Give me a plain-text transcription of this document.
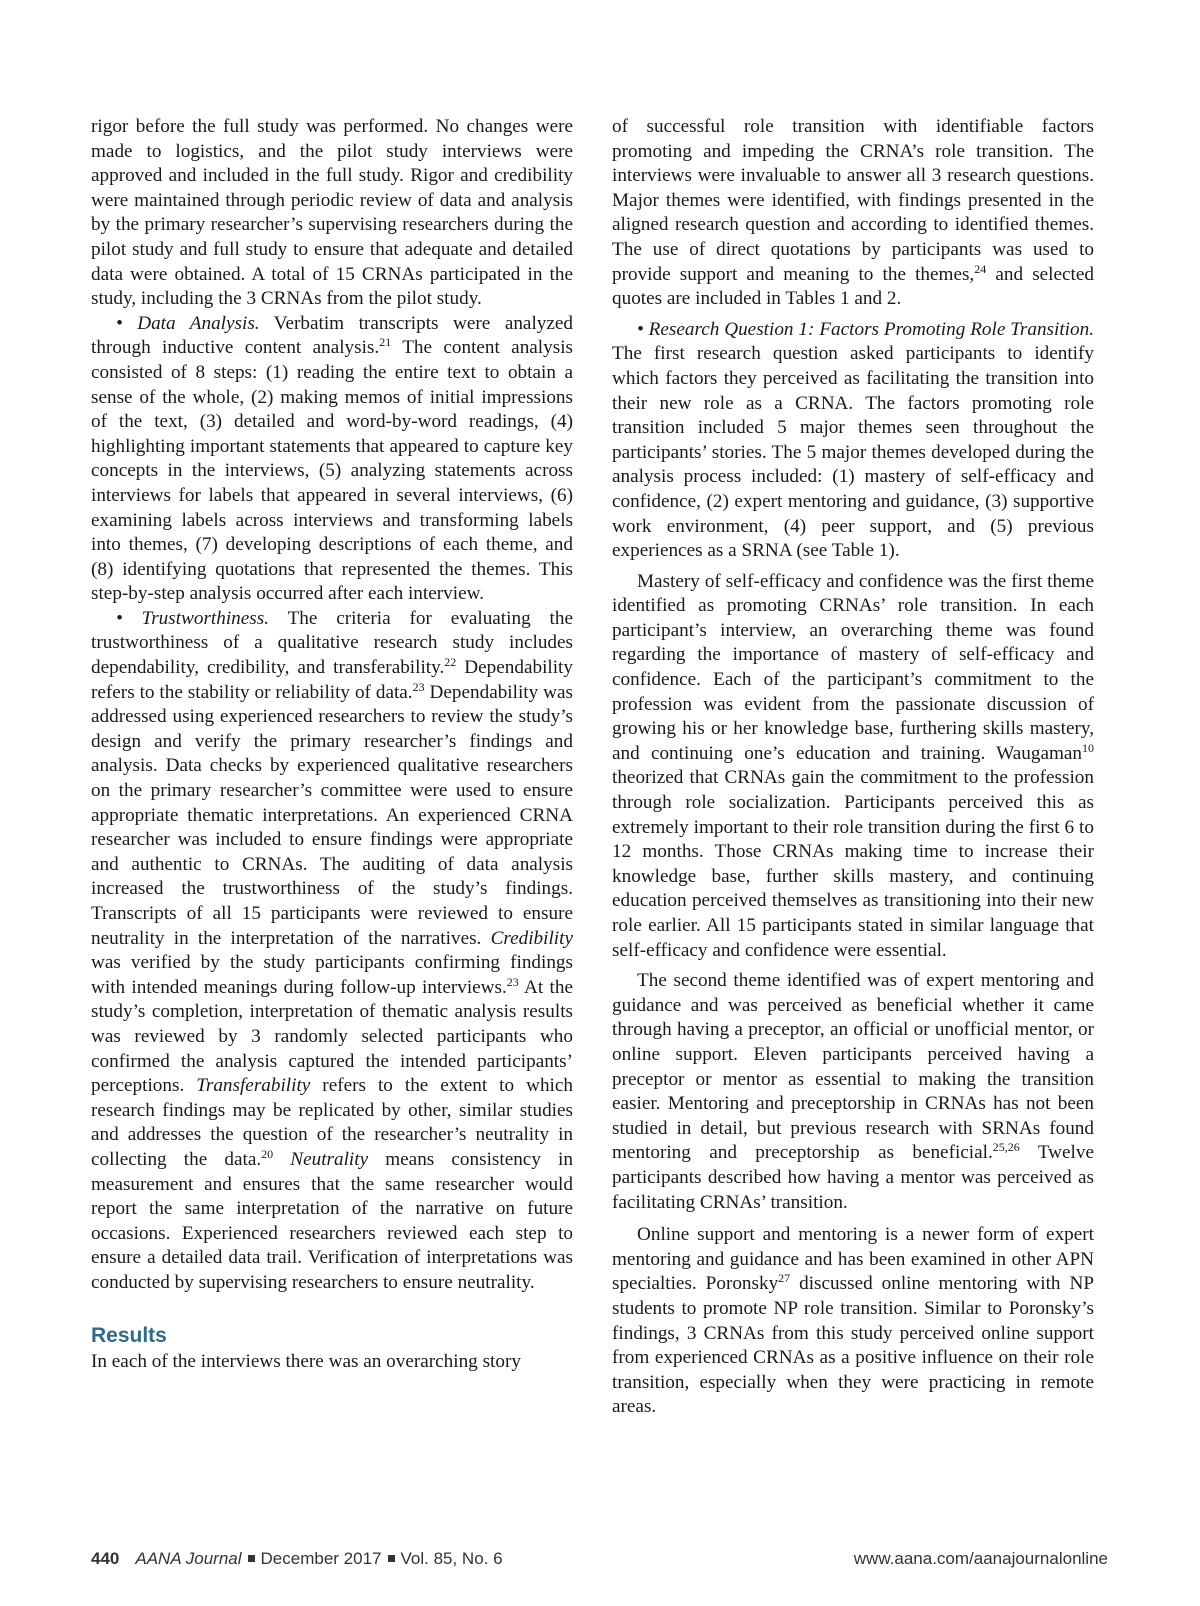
rigor before the full study was performed. No changes were made to logistics, and the pilot study interviews were approved and included in the full study. Rigor and credibility were maintained through periodic review of data and analysis by the primary researcher’s supervising researchers during the pilot study and full study to ensure that adequate and detailed data were obtained. A total of 15 CRNAs participated in the study, including the 3 CRNAs from the pilot study.

• Data Analysis. Verbatim transcripts were analyzed through inductive content analysis.$^{21}$ The content analysis consisted of 8 steps: (1) reading the entire text to obtain a sense of the whole, (2) making memos of initial impressions of the text, (3) detailed and word-by-word readings, (4) highlighting important statements that appeared to capture key concepts in the interviews, (5) analyzing statements across interviews for labels that appeared in several interviews, (6) examining labels across interviews and transforming labels into themes, (7) developing descriptions of each theme, and (8) identifying quotations that represented the themes. This step-by-step analysis occurred after each interview.

• Trustworthiness. The criteria for evaluating the trustworthiness of a qualitative research study includes dependability, credibility, and transferability.$^{22}$ Dependability refers to the stability or reliability of data.$^{23}$ Dependability was addressed using experienced researchers to review the study’s design and verify the primary researcher’s findings and analysis. Data checks by experienced qualitative researchers on the primary researcher’s committee were used to ensure appropriate thematic interpretations. An experienced CRNA researcher was included to ensure findings were appropriate and authentic to CRNAs. The auditing of data analysis increased the trustworthiness of the study’s findings. Transcripts of all 15 participants were reviewed to ensure neutrality in the interpretation of the narratives. Credibility was verified by the study participants confirming findings with intended meanings during follow-up interviews.$^{23}$ At the study’s completion, interpretation of thematic analysis results was reviewed by 3 randomly selected participants who confirmed the analysis captured the intended participants’ perceptions. Transferability refers to the extent to which research findings may be replicated by other, similar studies and addresses the question of the researcher’s neutrality in collecting the data.$^{20}$ Neutrality means consistency in measurement and ensures that the same researcher would report the same interpretation of the narrative on future occasions. Experienced researchers reviewed each step to ensure a detailed data trail. Verification of interpretations was conducted by supervising researchers to ensure neutrality.

Results

In each of the interviews there was an overarching story

of successful role transition with identifiable factors promoting and impeding the CRNA’s role transition. The interviews were invaluable to answer all 3 research questions. Major themes were identified, with findings presented in the aligned research question and according to identified themes. The use of direct quotations by participants was used to provide support and meaning to the themes,$^{24}$ and selected quotes are included in Tables 1 and 2.

• Research Question 1: Factors Promoting Role Transition. The first research question asked participants to identify which factors they perceived as facilitating the transition into their new role as a CRNA. The factors promoting role transition included 5 major themes seen throughout the participants’ stories. The 5 major themes developed during the analysis process included: (1) mastery of self-efficacy and confidence, (2) expert mentoring and guidance, (3) supportive work environment, (4) peer support, and (5) previous experiences as a SRNA (see Table 1).

Mastery of self-efficacy and confidence was the first theme identified as promoting CRNAs’ role transition. In each participant’s interview, an overarching theme was found regarding the importance of mastery of self-efficacy and confidence. Each of the participant’s commitment to the profession was evident from the passionate discussion of growing his or her knowledge base, furthering skills mastery, and continuing one’s education and training. Waugaman$^{10}$ theorized that CRNAs gain the commitment to the profession through role socialization. Participants perceived this as extremely important to their role transition during the first 6 to 12 months. Those CRNAs making time to increase their knowledge base, further skills mastery, and continuing education perceived themselves as transitioning into their new role earlier. All 15 participants stated in similar language that self-efficacy and confidence were essential.

The second theme identified was of expert mentoring and guidance and was perceived as beneficial whether it came through having a preceptor, an official or unofficial mentor, or online support. Eleven participants perceived having a preceptor or mentor as essential to making the transition easier. Mentoring and preceptorship in CRNAs has not been studied in detail, but previous research with SRNAs found mentoring and preceptorship as beneficial.$^{25,26}$ Twelve participants described how having a mentor was perceived as facilitating CRNAs’ transition.

Online support and mentoring is a newer form of expert mentoring and guidance and has been examined in other APN specialties. Poronsky$^{27}$ discussed online mentoring with NP students to promote NP role transition. Similar to Poronsky’s findings, 3 CRNAs from this study perceived online support from experienced CRNAs as a positive influence on their role transition, especially when they were practicing in remote areas.

440 AANA Journal December 2017 Vol. 85, No. 6	www.aana.com/aanajournalonline
